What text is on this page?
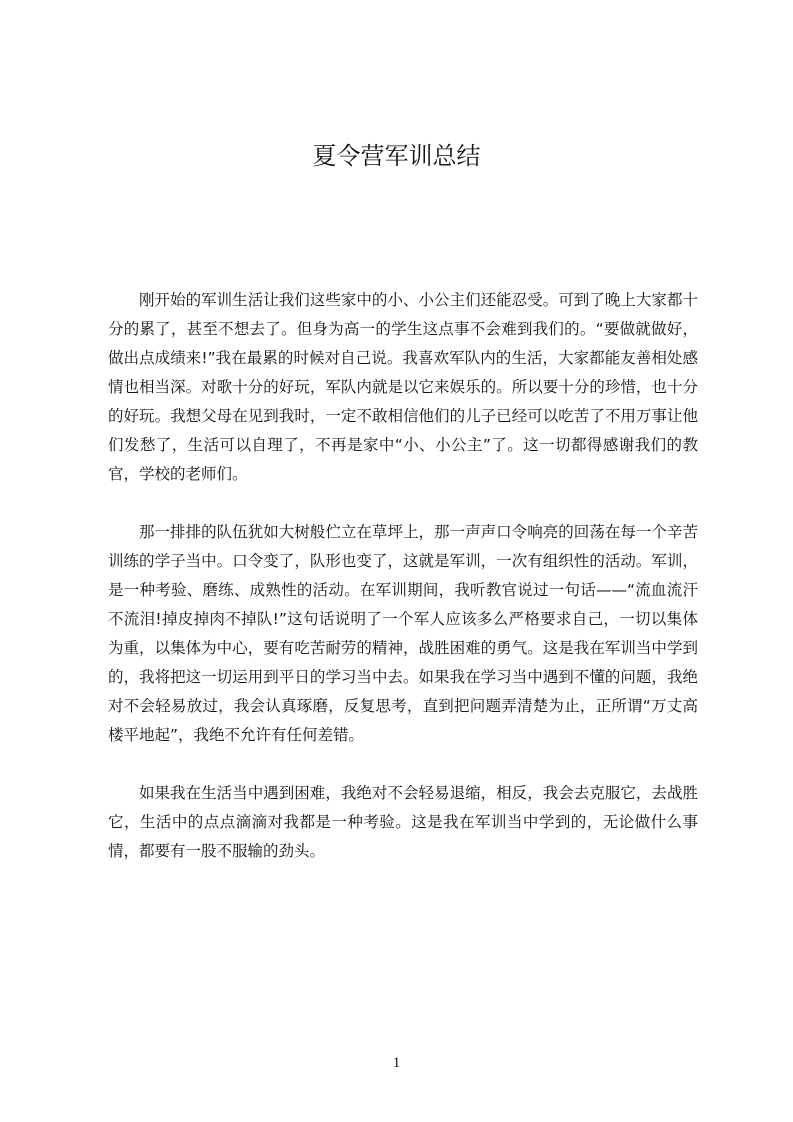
夏令营军训总结

刚开始的军训生活让我们这些家中的小、小公主们还能忍受。可到了晚上大家都十分的累了，甚至不想去了。但身为高一的学生这点事不会难到我们的。“要做就做好，做出点成绩来!”我在最累的时候对自己说。我喜欢军队内的生活，大家都能友善相处感情也相当深。对歌十分的好玩，军队内就是以它来娱乐的。所以要十分的珍惜，也十分的好玩。我想父母在见到我时，一定不敢相信他们的儿子已经可以吃苦了不用万事让他们发愁了，生活可以自理了，不再是家中“小、小公主”了。这一切都得感谢我们的教官，学校的老师们。

那一排排的队伍犹如大树般伫立在草坪上，那一声声口令响亮的回荡在每一个辛苦训练的学子当中。口令变了，队形也变了，这就是军训，一次有组织性的活动。军训，是一种考验、磨练、成熟性的活动。在军训期间，我听教官说过一句话——“流血流汗不流泪!掉皮掉肉不掉队!”这句话说明了一个军人应该多么严格要求自己，一切以集体为重，以集体为中心，要有吃苦耐劳的精神，战胜困难的勇气。这是我在军训当中学到的，我将把这一切运用到平日的学习当中去。如果我在学习当中遇到不懂的问题，我绝对不会轻易放过，我会认真琢磨，反复思考，直到把问题弄清楚为止，正所谓“万丈高楼平地起”，我绝不允许有任何差错。

如果我在生活当中遇到困难，我绝对不会轻易退缩，相反，我会去克服它，去战胜它，生活中的点点滴滴对我都是一种考验。这是我在军训当中学到的，无论做什么事情，都要有一股不服输的劲头。

1
